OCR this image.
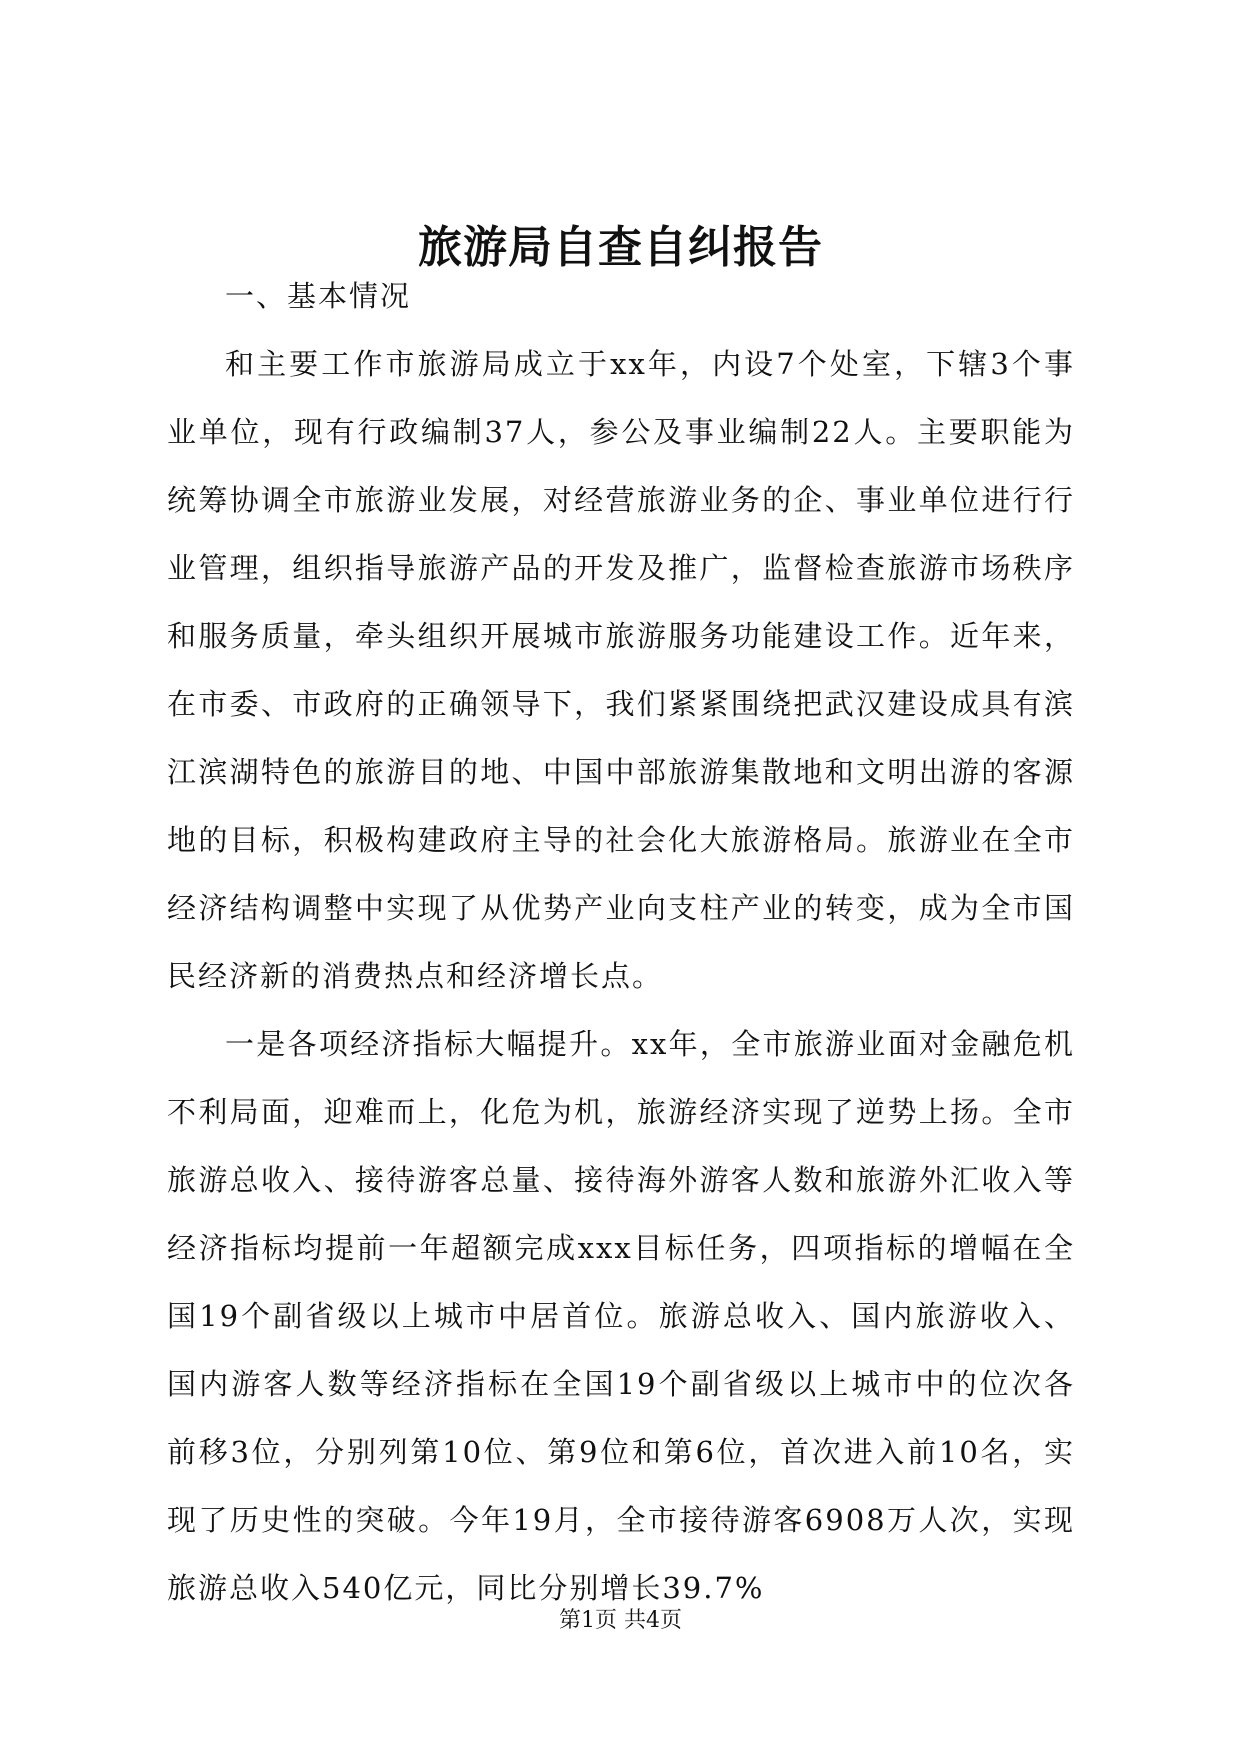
旅游局自查自纠报告

一、基本情况

和主要工作市旅游局成立于xx年，内设7个处室，下辖3个事业单位，现有行政编制37人，参公及事业编制22人。主要职能为统筹协调全市旅游业发展，对经营旅游业务的企、事业单位进行行业管理，组织指导旅游产品的开发及推广，监督检查旅游市场秩序和服务质量，牵头组织开展城市旅游服务功能建设工作。近年来，在市委、市政府的正确领导下，我们紧紧围绕把武汉建设成具有滨江滨湖特色的旅游目的地、中国中部旅游集散地和文明出游的客源地的目标，积极构建政府主导的社会化大旅游格局。旅游业在全市经济结构调整中实现了从优势产业向支柱产业的转变，成为全市国民经济新的消费热点和经济增长点。

一是各项经济指标大幅提升。xx年，全市旅游业面对金融危机不利局面，迎难而上，化危为机，旅游经济实现了逆势上扬。全市旅游总收入、接待游客总量、接待海外游客人数和旅游外汇收入等经济指标均提前一年超额完成xxx目标任务，四项指标的增幅在全国19个副省级以上城市中居首位。旅游总收入、国内旅游收入、国内游客人数等经济指标在全国19个副省级以上城市中的位次各前移3位，分别列第10位、第9位和第6位，首次进入前10名，实现了历史性的突破。今年19月，全市接待游客6908万人次，实现旅游总收入540亿元，同比分别增长39.7%

第1页 共4页
